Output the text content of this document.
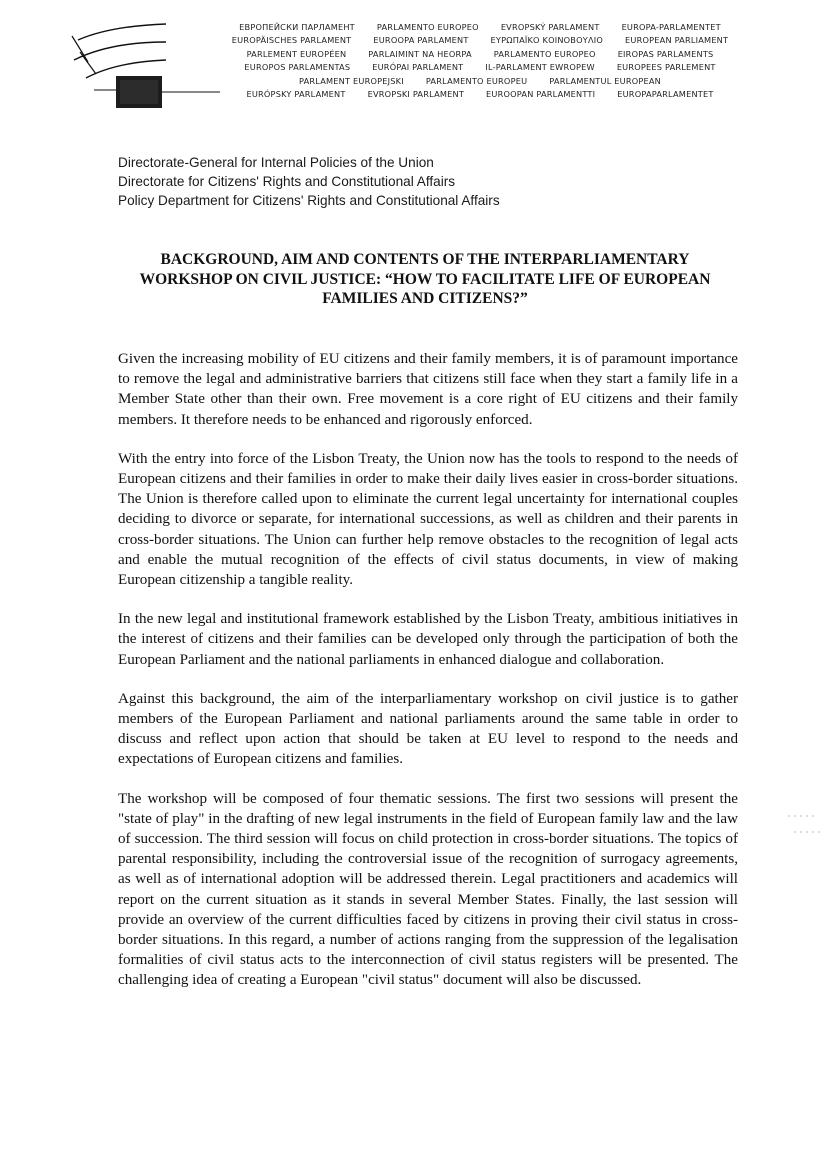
ЕВРОПЕЙСКИ ПАРЛАМЕНТ	PARLAMENTO EUROPEO	EVROPSKÝ PARLAMENT	EUROPA-PARLAMENTET
EUROPÄISCHES PARLAMENT	EUROOPA PARLAMENT	ΕΥΡΩΠΑΪΚΟ ΚΟΙΝΟΒΟΥΛΙΟ	EUROPEAN PARLIAMENT
PARLEMENT EUROPÉEN	PARLAIMINT NA HEORPA	PARLAMENTO EUROPEO	EIROPAS PARLAMENTS
EUROPOS PARLAMENTAS	EURÓPAI PARLAMENT	IL-PARLAMENT EWROPEW	EUROPEES PARLEMENT
PARLAMENT EUROPEJSKI	PARLAMENTO EUROPEU	PARLAMENTUL EUROPEAN
EURÓPSKY PARLAMENT	EVROPSKI PARLAMENT	EUROOPAN PARLAMENTTI	EUROPAPARLAMENTET
Directorate-General for Internal Policies of the Union
Directorate for Citizens' Rights and Constitutional Affairs
Policy Department for Citizens' Rights and Constitutional Affairs
BACKGROUND, AIM AND CONTENTS OF THE INTERPARLIAMENTARY
WORKSHOP ON CIVIL JUSTICE: “HOW TO FACILITATE LIFE OF EUROPEAN
FAMILIES AND CITIZENS?”

Given the increasing mobility of EU citizens and their family members, it is of paramount importance to remove the legal and administrative barriers that citizens still face when they start a family life in a Member State other than their own. Free movement is a core right of EU citizens and their family members. It therefore needs to be enhanced and rigorously enforced.

With the entry into force of the Lisbon Treaty, the Union now has the tools to respond to the needs of European citizens and their families in order to make their daily lives easier in cross-border situations. The Union is therefore called upon to eliminate the current legal uncertainty for international couples deciding to divorce or separate, for international successions, as well as children and their parents in cross-border situations. The Union can further help remove obstacles to the recognition of legal acts and enable the mutual recognition of the effects of civil status documents, in view of making European citizenship a tangible reality.

In the new legal and institutional framework established by the Lisbon Treaty, ambitious initiatives in the interest of citizens and their families can be developed only through the participation of both the European Parliament and the national parliaments in enhanced dialogue and collaboration.

Against this background, the aim of the interparliamentary workshop on civil justice is to gather members of the European Parliament and national parliaments around the same table in order to discuss and reflect upon action that should be taken at EU level to respond to the needs and expectations of European citizens and families.

The workshop will be composed of four thematic sessions. The first two sessions will present the "state of play" in the drafting of new legal instruments in the field of European family law and the law of succession. The third session will focus on child protection in cross-border situations. The topics of parental responsibility, including the controversial issue of the recognition of surrogacy agreements, as well as of international adoption will be addressed therein. Legal practitioners and academics will report on the current situation as it stands in several Member States. Finally, the last session will provide an overview of the current difficulties faced by citizens in proving their civil status in cross-border situations. In this regard, a number of actions ranging from the suppression of the legalisation formalities of civil status acts to the interconnection of civil status registers will be presented. The challenging idea of creating a European "civil status" document will also be discussed.
